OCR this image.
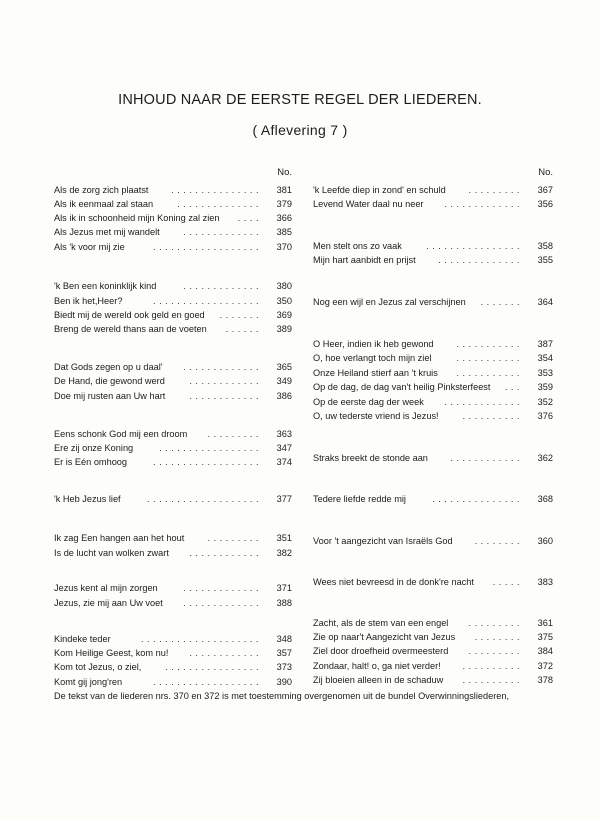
INHOUD NAAR DE EERSTE REGEL DER LIEDEREN.
( Aflevering 7 )
No.
Als de zorg zich plaatst ............... 381
Als ik eenmaal zal staan	.............. 379
Als ik in schoonheid mijn Koning zal zien .... 366
Als Jezus met mij wandelt	............. 385
Als 'k voor mij zie	.................. 370
'k Ben een koninklijk kind	............. 380
Ben ik het,Heer?	.................. 350
Biedt mij de wereld ook geld en goed ....... 369
Breng de wereld thans aan de voeten ...... 389
Dat Gods zegen op u daal' ............. 365
De Hand, die gewond werd	............ 349
Doe mij rusten aan Uw hart	............ 386
Eens schonk God mij een droom ......... 363
Ere zij onze Koning	................. 347
Er is Eén omhoog	.................. 374
'k Heb Jezus lief	................... 377
Ik zag Een hangen aan het hout	......... 351
Is de lucht van wolken zwart ............ 382
Jezus kent al mijn zorgen	............. 371
Jezus, zie mij aan Uw voet ............. 388
Kindeke teder	.................... 348
Kom Heilige Geest, kom nu! ............ 357
Kom tot Jezus, o ziel,	................ 373
Komt gij jong'ren	.................. 390
No.
'k Leefde diep in zond' en schuld ......... 367
Levend Water daal nu neer ............. 356
Men stelt ons zo vaak	................ 358
Mijn hart aanbidt en prijst .............. 355
Nog een wijl en Jezus zal verschijnen ....... 364
O Heer, indien ik heb gewond ........... 387
O, hoe verlangt toch mijn ziel	........... 354
Onze Heiland stierf aan 't kruis ........... 353
Op de dag, de dag van't heilig Pinksterfeest ... 359
Op de eerste dag der week ............. 352
O, uw tederste vriend is Jezus!	.......... 376
Straks breekt de stonde aan ............ 362
Tedere liefde redde mij	............... 368
Voor 't aangezicht van Israëls God ........ 360
Wees niet bevreesd in de donk're nacht ..... 383
Zacht, als de stem van een engel ......... 361
Zie op naar't Aangezicht van Jezus ........ 375
Ziel door droefheid overmeesterd ......... 384
Zondaar, halt! o, ga niet verder! .......... 372
Zij bloeien alleen in de schaduw .......... 378
De tekst van de liederen nrs. 370 en 372 is met toestemming overgenomen uit de bundel Overwinningsliederen,
